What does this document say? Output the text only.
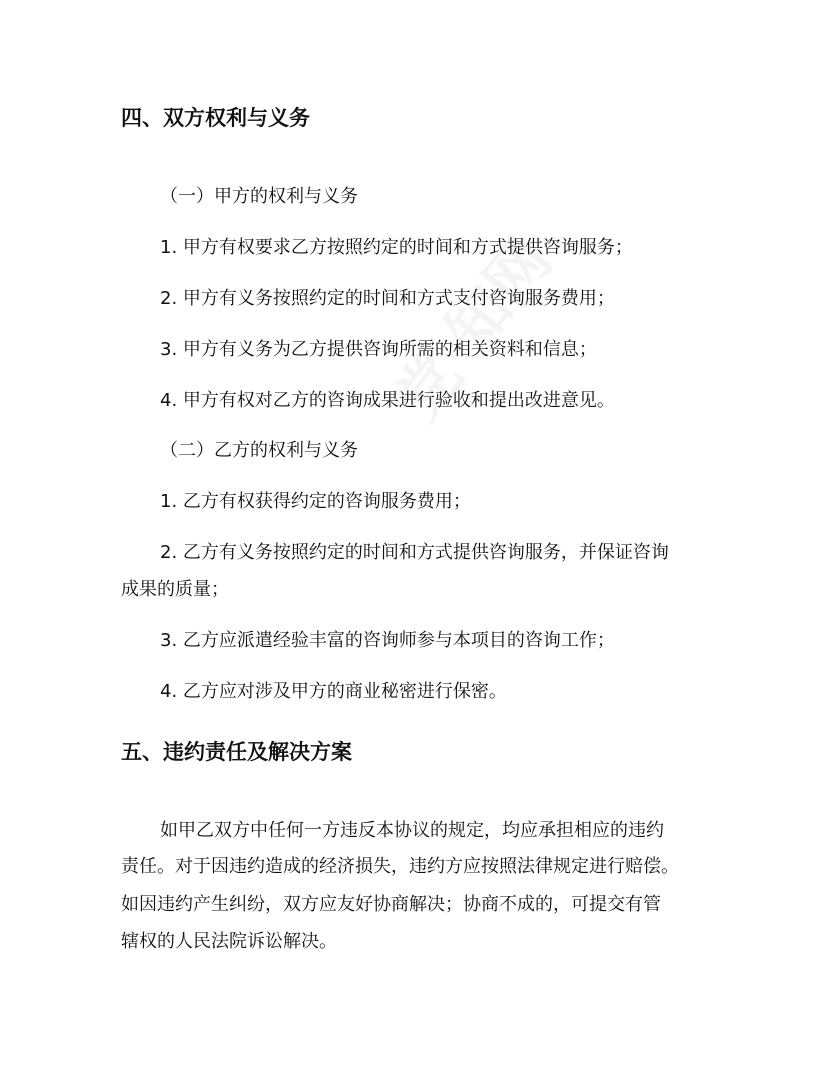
四、双方权利与义务

（一）甲方的权利与义务

1. 甲方有权要求乙方按照约定的时间和方式提供咨询服务；

2. 甲方有义务按照约定的时间和方式支付咨询服务费用；

3. 甲方有义务为乙方提供咨询所需的相关资料和信息；

4. 甲方有权对乙方的咨询成果进行验收和提出改进意见。

（二）乙方的权利与义务

1. 乙方有权获得约定的咨询服务费用；

2. 乙方有义务按照约定的时间和方式提供咨询服务，并保证咨询

成果的质量；

3. 乙方应派遣经验丰富的咨询师参与本项目的咨询工作；

4. 乙方应对涉及甲方的商业秘密进行保密。

五、违约责任及解决方案

如甲乙双方中任何一方违反本协议的规定，均应承担相应的违约

责任。对于因违约造成的经济损失，违约方应按照法律规定进行赔偿。

如因违约产生纠纷，双方应友好协商解决；协商不成的，可提交有管

辖权的人民法院诉讼解决。
